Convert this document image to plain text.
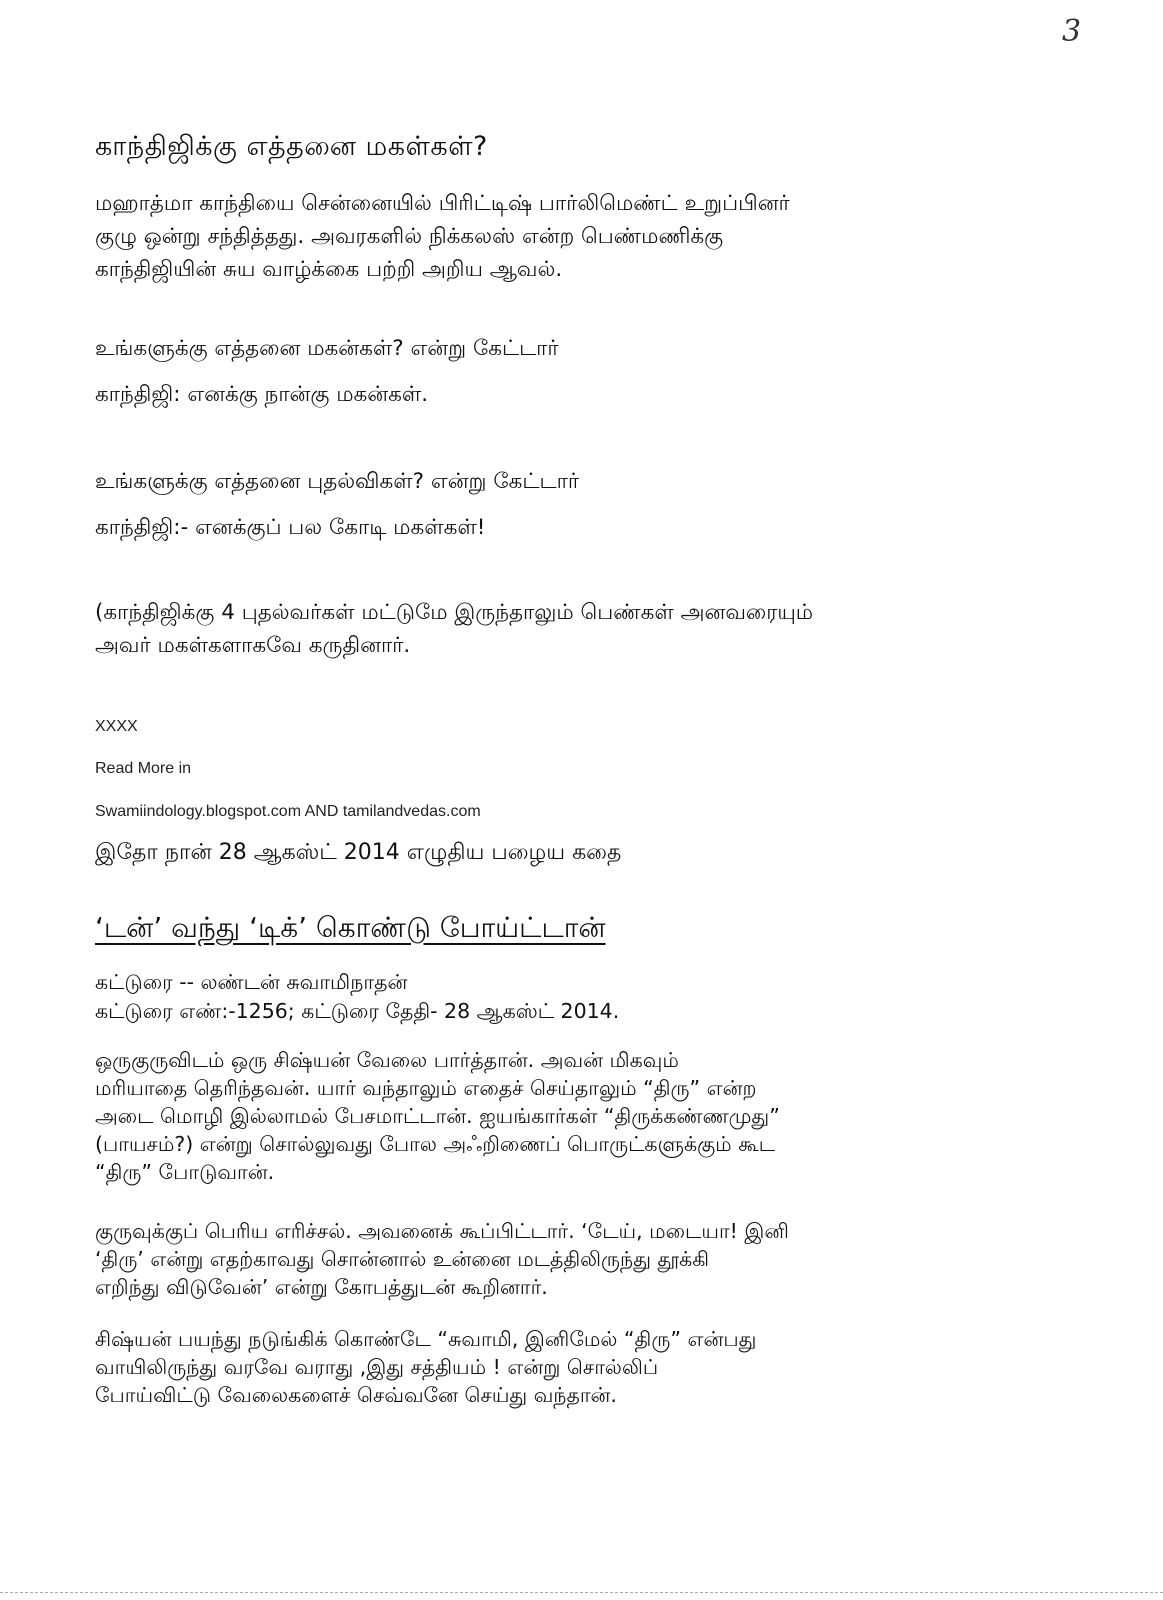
3
காந்திஜிக்கு எத்தனை மகள்கள்?
மஹாத்மா காந்தியை சென்னையில் பிரிட்டிஷ் பார்லிமெண்ட் உறுப்பினர்
குழு ஒன்று சந்தித்தது. அவரகளில் நிக்கலஸ் என்ற பெண்மணிக்கு
காந்திஜியின் சுய வாழ்க்கை பற்றி அறிய ஆவல்.
உங்களுக்கு எத்தனை மகன்கள்? என்று கேட்டார்
காந்திஜி: எனக்கு நான்கு மகன்கள்.
உங்களுக்கு எத்தனை புதல்விகள்? என்று கேட்டார்
காந்திஜி:- எனக்குப் பல கோடி மகள்கள்!
(காந்திஜிக்கு 4 புதல்வர்கள் மட்டுமே இருந்தாலும் பெண்கள் அனவரையும்
அவர் மகள்களாகவே கருதினார்.
XXXX
Read More in
Swamiindology.blogspot.com AND tamilandvedas.com
இதோ நான் 28 ஆகஸ்ட் 2014 எழுதிய பழைய கதை
‘டன்’ வந்து ‘டிக்’ கொண்டு போய்ட்டான்
கட்டுரை -- லண்டன் சுவாமிநாதன்
கட்டுரை எண்:-1256; கட்டுரை தேதி- 28 ஆகஸ்ட் 2014.
ஒருகுருவிடம் ஒரு சிஷ்யன் வேலை பார்த்தான். அவன் மிகவும்
மரியாதை தெரிந்தவன். யார் வந்தாலும் எதைச் செய்தாலும் “திரு” என்ற
அடை மொழி இல்லாமல் பேசமாட்டான். ஐயங்கார்கள் “திருக்கண்ணமுது”
(பாயசம்?) என்று சொல்லுவது போல அஃறிணைப் பொருட்களுக்கும் கூட
“திரு” போடுவான்.
குருவுக்குப் பெரிய எரிச்சல். அவனைக் கூப்பிட்டார். ‘டேய், மடையா! இனி
‘திரு’ என்று எதற்காவது சொன்னால் உன்னை மடத்திலிருந்து தூக்கி
எறிந்து விடுவேன்’ என்று கோபத்துடன் கூறினார்.
சிஷ்யன் பயந்து நடுங்கிக் கொண்டே “சுவாமி, இனிமேல் “திரு” என்பது
வாயிலிருந்து வரவே வராது ,இது சத்தியம் ! என்று சொல்லிப்
போய்விட்டு வேலைகளைச் செவ்வனே செய்து வந்தான்.
